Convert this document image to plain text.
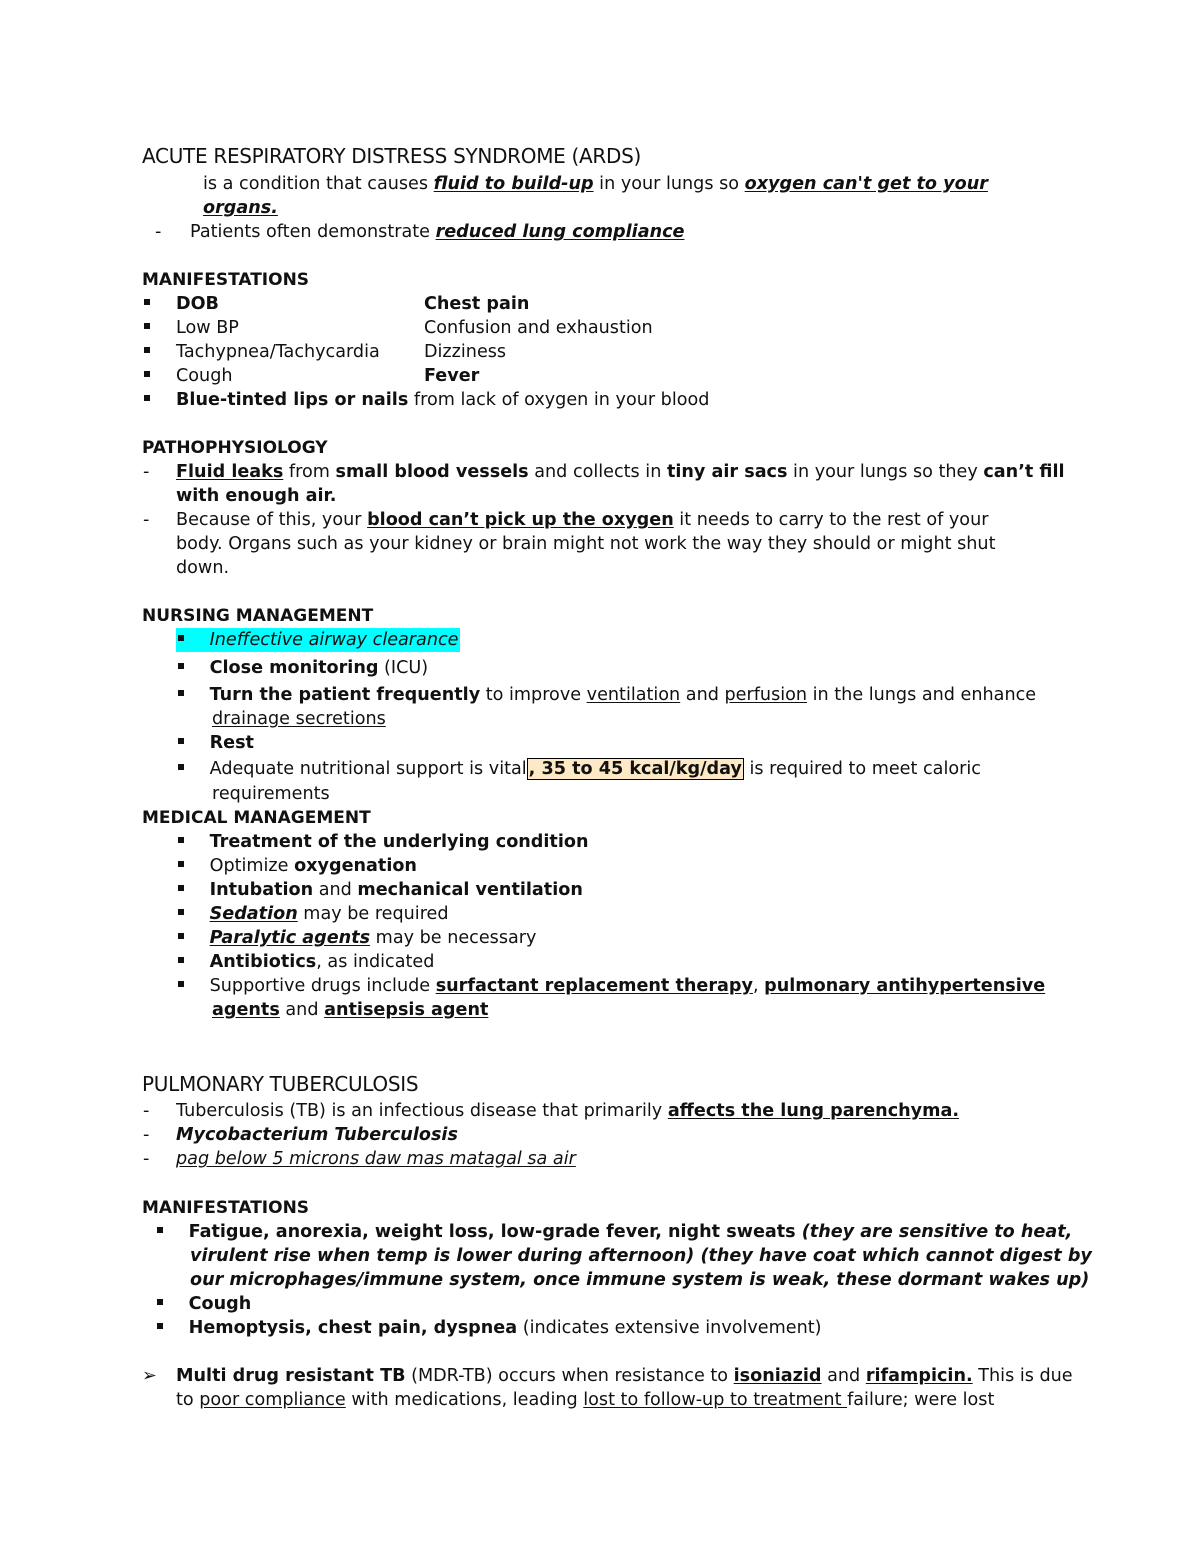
ACUTE RESPIRATORY DISTRESS SYNDROME (ARDS)
is a condition that causes fluid to build-up in your lungs so oxygen can't get to your
organs.
- Patients often demonstrate reduced lung compliance
MANIFESTATIONS
DOB	Chest pain
Low BP	Confusion and exhaustion
Tachypnea/Tachycardia	Dizziness
Cough	Fever
Blue-tinted lips or nails from lack of oxygen in your blood
PATHOPHYSIOLOGY
- Fluid leaks from small blood vessels and collects in tiny air sacs in your lungs so they can’t fill
with enough air.
- Because of this, your blood can’t pick up the oxygen it needs to carry to the rest of your
body. Organs such as your kidney or brain might not work the way they should or might shut
down.
NURSING MANAGEMENT
Ineffective airway clearance
Close monitoring (ICU)
Turn the patient frequently to improve ventilation and perfusion in the lungs and enhance
drainage secretions
Rest
Adequate nutritional support is vital , 35 to 45 kcal/kg/day is required to meet caloric
requirements
MEDICAL MANAGEMENT
Treatment of the underlying condition
Optimize oxygenation
Intubation and mechanical ventilation
Sedation may be required
Paralytic agents may be necessary
Antibiotics, as indicated
Supportive drugs include surfactant replacement therapy, pulmonary antihypertensive
agents and antisepsis agent
PULMONARY TUBERCULOSIS
- Tuberculosis (TB) is an infectious disease that primarily affects the lung parenchyma.
- Mycobacterium Tuberculosis
- pag below 5 microns daw mas matagal sa air
MANIFESTATIONS
Fatigue, anorexia, weight loss, low-grade fever, night sweats (they are sensitive to heat,
virulent rise when temp is lower during afternoon) (they have coat which cannot digest by
our microphages/immune system, once immune system is weak, these dormant wakes up)
Cough
Hemoptysis, chest pain, dyspnea (indicates extensive involvement)
➢ Multi drug resistant TB (MDR-TB) occurs when resistance to isoniazid and rifampicin. This is due
to poor compliance with medications, leading lost to follow-up to treatment failure; were lost
